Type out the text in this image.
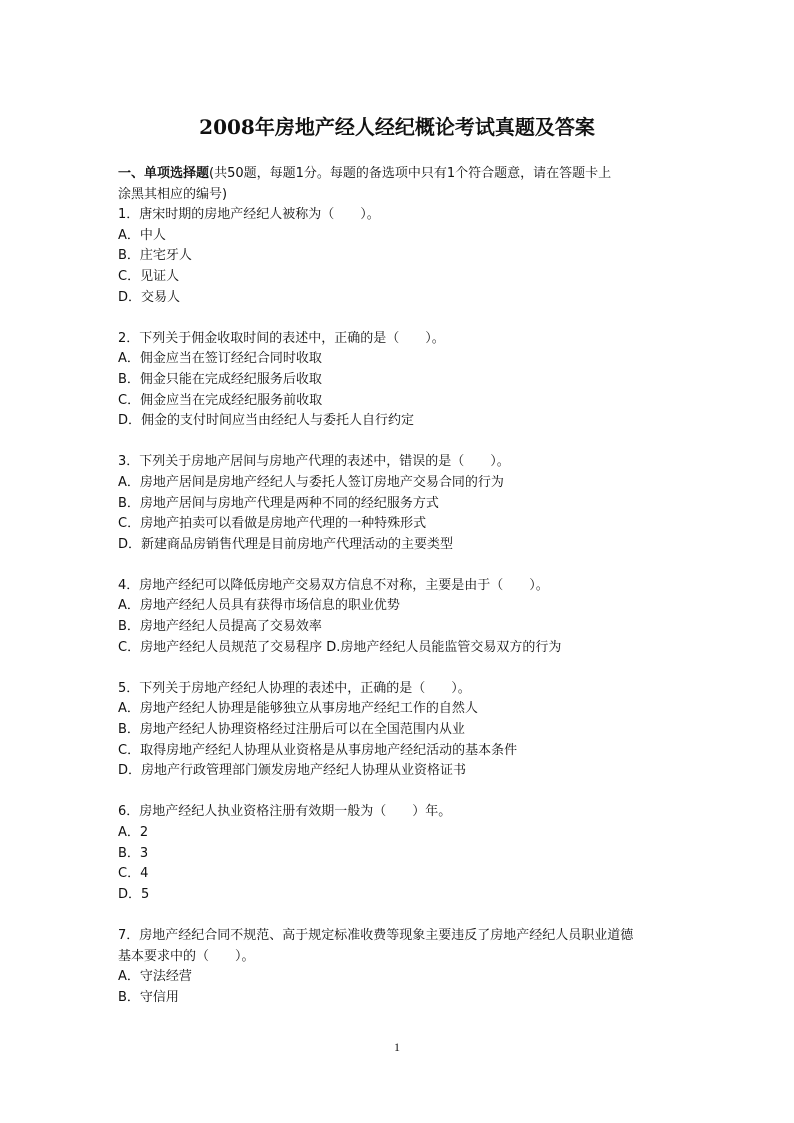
2008年房地产经人经纪概论考试真题及答案
一、单项选择题(共50题，每题1分。每题的备选项中只有1个符合题意，请在答题卡上
涂黑其相应的编号)
1．唐宋时期的房地产经纪人被称为（　　）。
A．中人
B．庄宅牙人
C．见证人
D．交易人
2．下列关于佣金收取时间的表述中，正确的是（　　）。
A．佣金应当在签订经纪合同时收取
B．佣金只能在完成经纪服务后收取
C．佣金应当在完成经纪服务前收取
D．佣金的支付时间应当由经纪人与委托人自行约定
3．下列关于房地产居间与房地产代理的表述中，错误的是（　　）。
A．房地产居间是房地产经纪人与委托人签订房地产交易合同的行为
B．房地产居间与房地产代理是两种不同的经纪服务方式
C．房地产拍卖可以看做是房地产代理的一种特殊形式
D．新建商品房销售代理是目前房地产代理活动的主要类型
4．房地产经纪可以降低房地产交易双方信息不对称，主要是由于（　　）。
A．房地产经纪人员具有获得市场信息的职业优势
B．房地产经纪人员提高了交易效率
C．房地产经纪人员规范了交易程序 D.房地产经纪人员能监管交易双方的行为
5．下列关于房地产经纪人协理的表述中，正确的是（　　）。
A．房地产经纪人协理是能够独立从事房地产经纪工作的自然人
B．房地产经纪人协理资格经过注册后可以在全国范围内从业
C．取得房地产经纪人协理从业资格是从事房地产经纪活动的基本条件
D．房地产行政管理部门颁发房地产经纪人协理从业资格证书
6．房地产经纪人执业资格注册有效期一般为（　　）年。
A．2
B．3
C．4
D．5
7．房地产经纪合同不规范、高于规定标准收费等现象主要违反了房地产经纪人员职业道德
基本要求中的（　　）。
A．守法经营
B．守信用
1
